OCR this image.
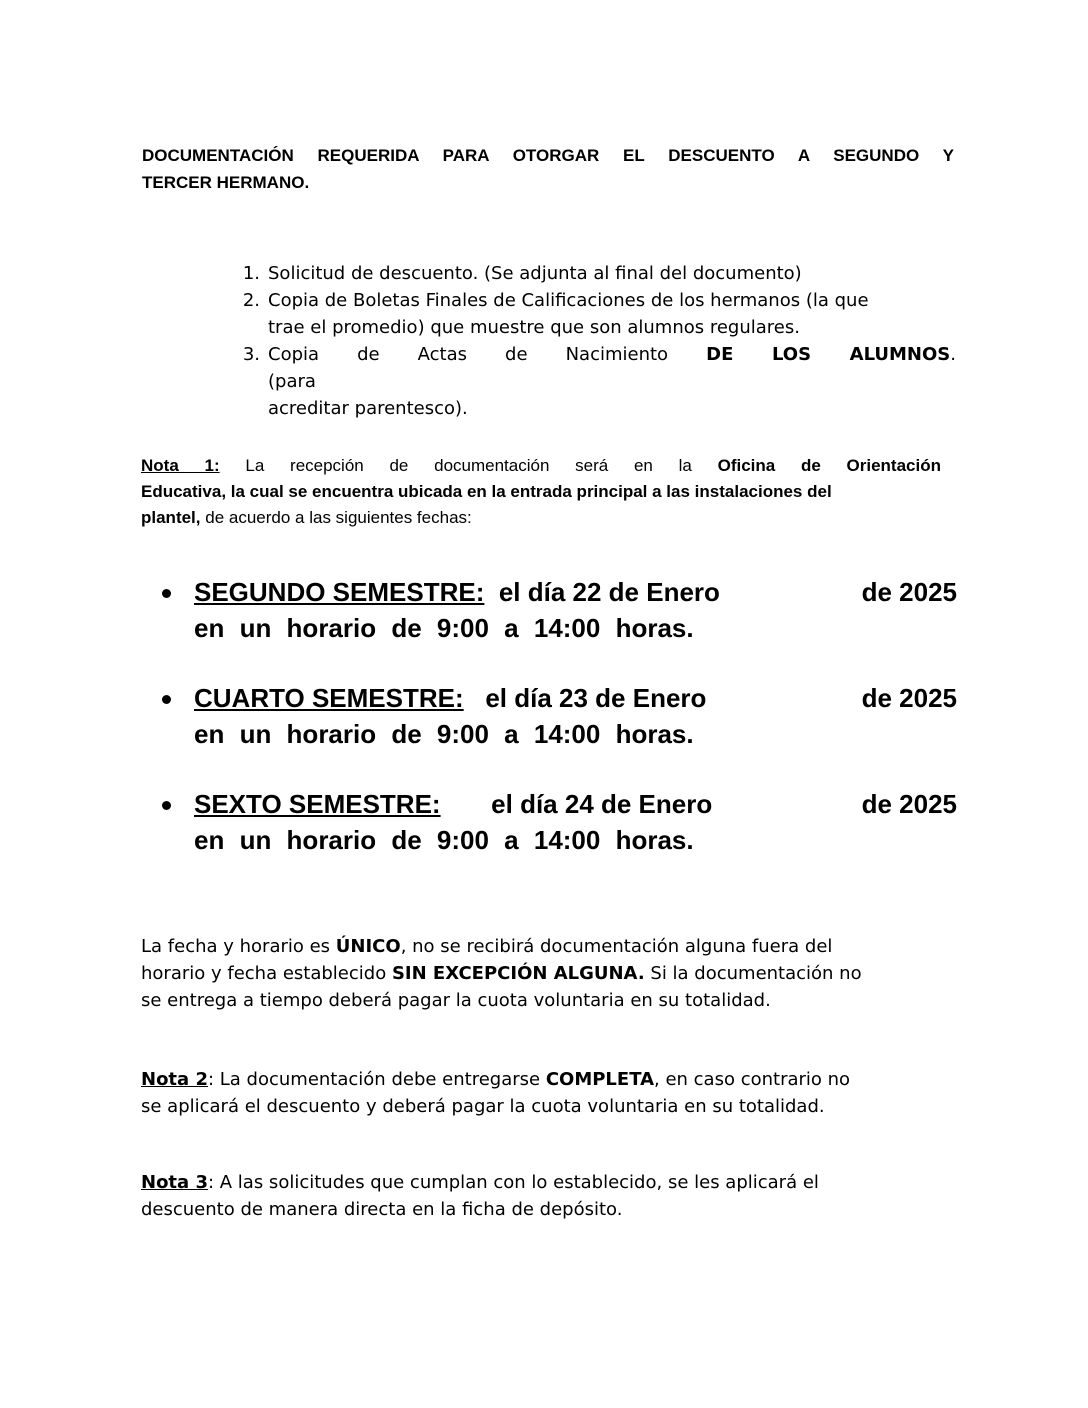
DOCUMENTACIÓN REQUERIDA PARA OTORGAR EL DESCUENTO A SEGUNDO Y
TERCER HERMANO.
1. Solicitud de descuento. (Se adjunta al final del documento)
2. Copia de Boletas Finales de Calificaciones de los hermanos (la que
trae el promedio) que muestre que son alumnos regulares.
3. Copia de Actas de Nacimiento DE LOS ALUMNOS. (para
acreditar parentesco).

Nota 1: La recepción de documentación será en la Oficina de Orientación
Educativa, la cual se encuentra ubicada en la entrada principal a las instalaciones del
plantel, de acuerdo a las siguientes fechas:

SEGUNDO SEMESTRE: el día 22 de Enero	de 2025
en un horario de 9:00 a 14:00 horas.
CUARTO SEMESTRE: el día 23 de Enero	de 2025
en un horario de 9:00 a 14:00 horas.
SEXTO SEMESTRE: el día 24 de Enero	de 2025
en un horario de 9:00 a 14:00 horas.

La fecha y horario es ÚNICO, no se recibirá documentación alguna fuera del
horario y fecha establecido SIN EXCEPCIÓN ALGUNA. Si la documentación no
se entrega a tiempo deberá pagar la cuota voluntaria en su totalidad.

Nota 2: La documentación debe entregarse COMPLETA, en caso contrario no
se aplicará el descuento y deberá pagar la cuota voluntaria en su totalidad.

Nota 3: A las solicitudes que cumplan con lo establecido, se les aplicará el
descuento de manera directa en la ficha de depósito.
